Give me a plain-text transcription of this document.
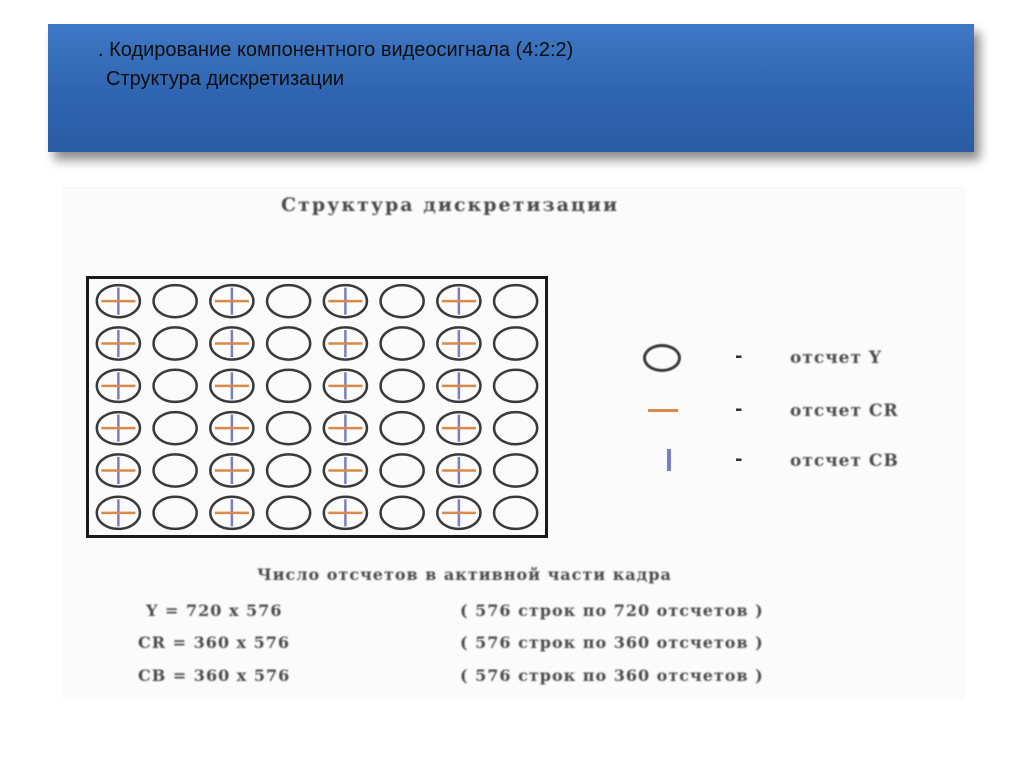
. Кодирование компонентного видеосигнала (4:2:2)
Структура дискретизации
Структура дискретизации
-	отсчет Y
-	отсчет CR
-	отсчет CB
Число отсчетов в активной части кадра
Y = 720 x 576	( 576 строк по 720 отсчетов )
CR = 360 x 576	( 576 строк по 360 отсчетов )
CB = 360 x 576	( 576 строк по 360 отсчетов )
